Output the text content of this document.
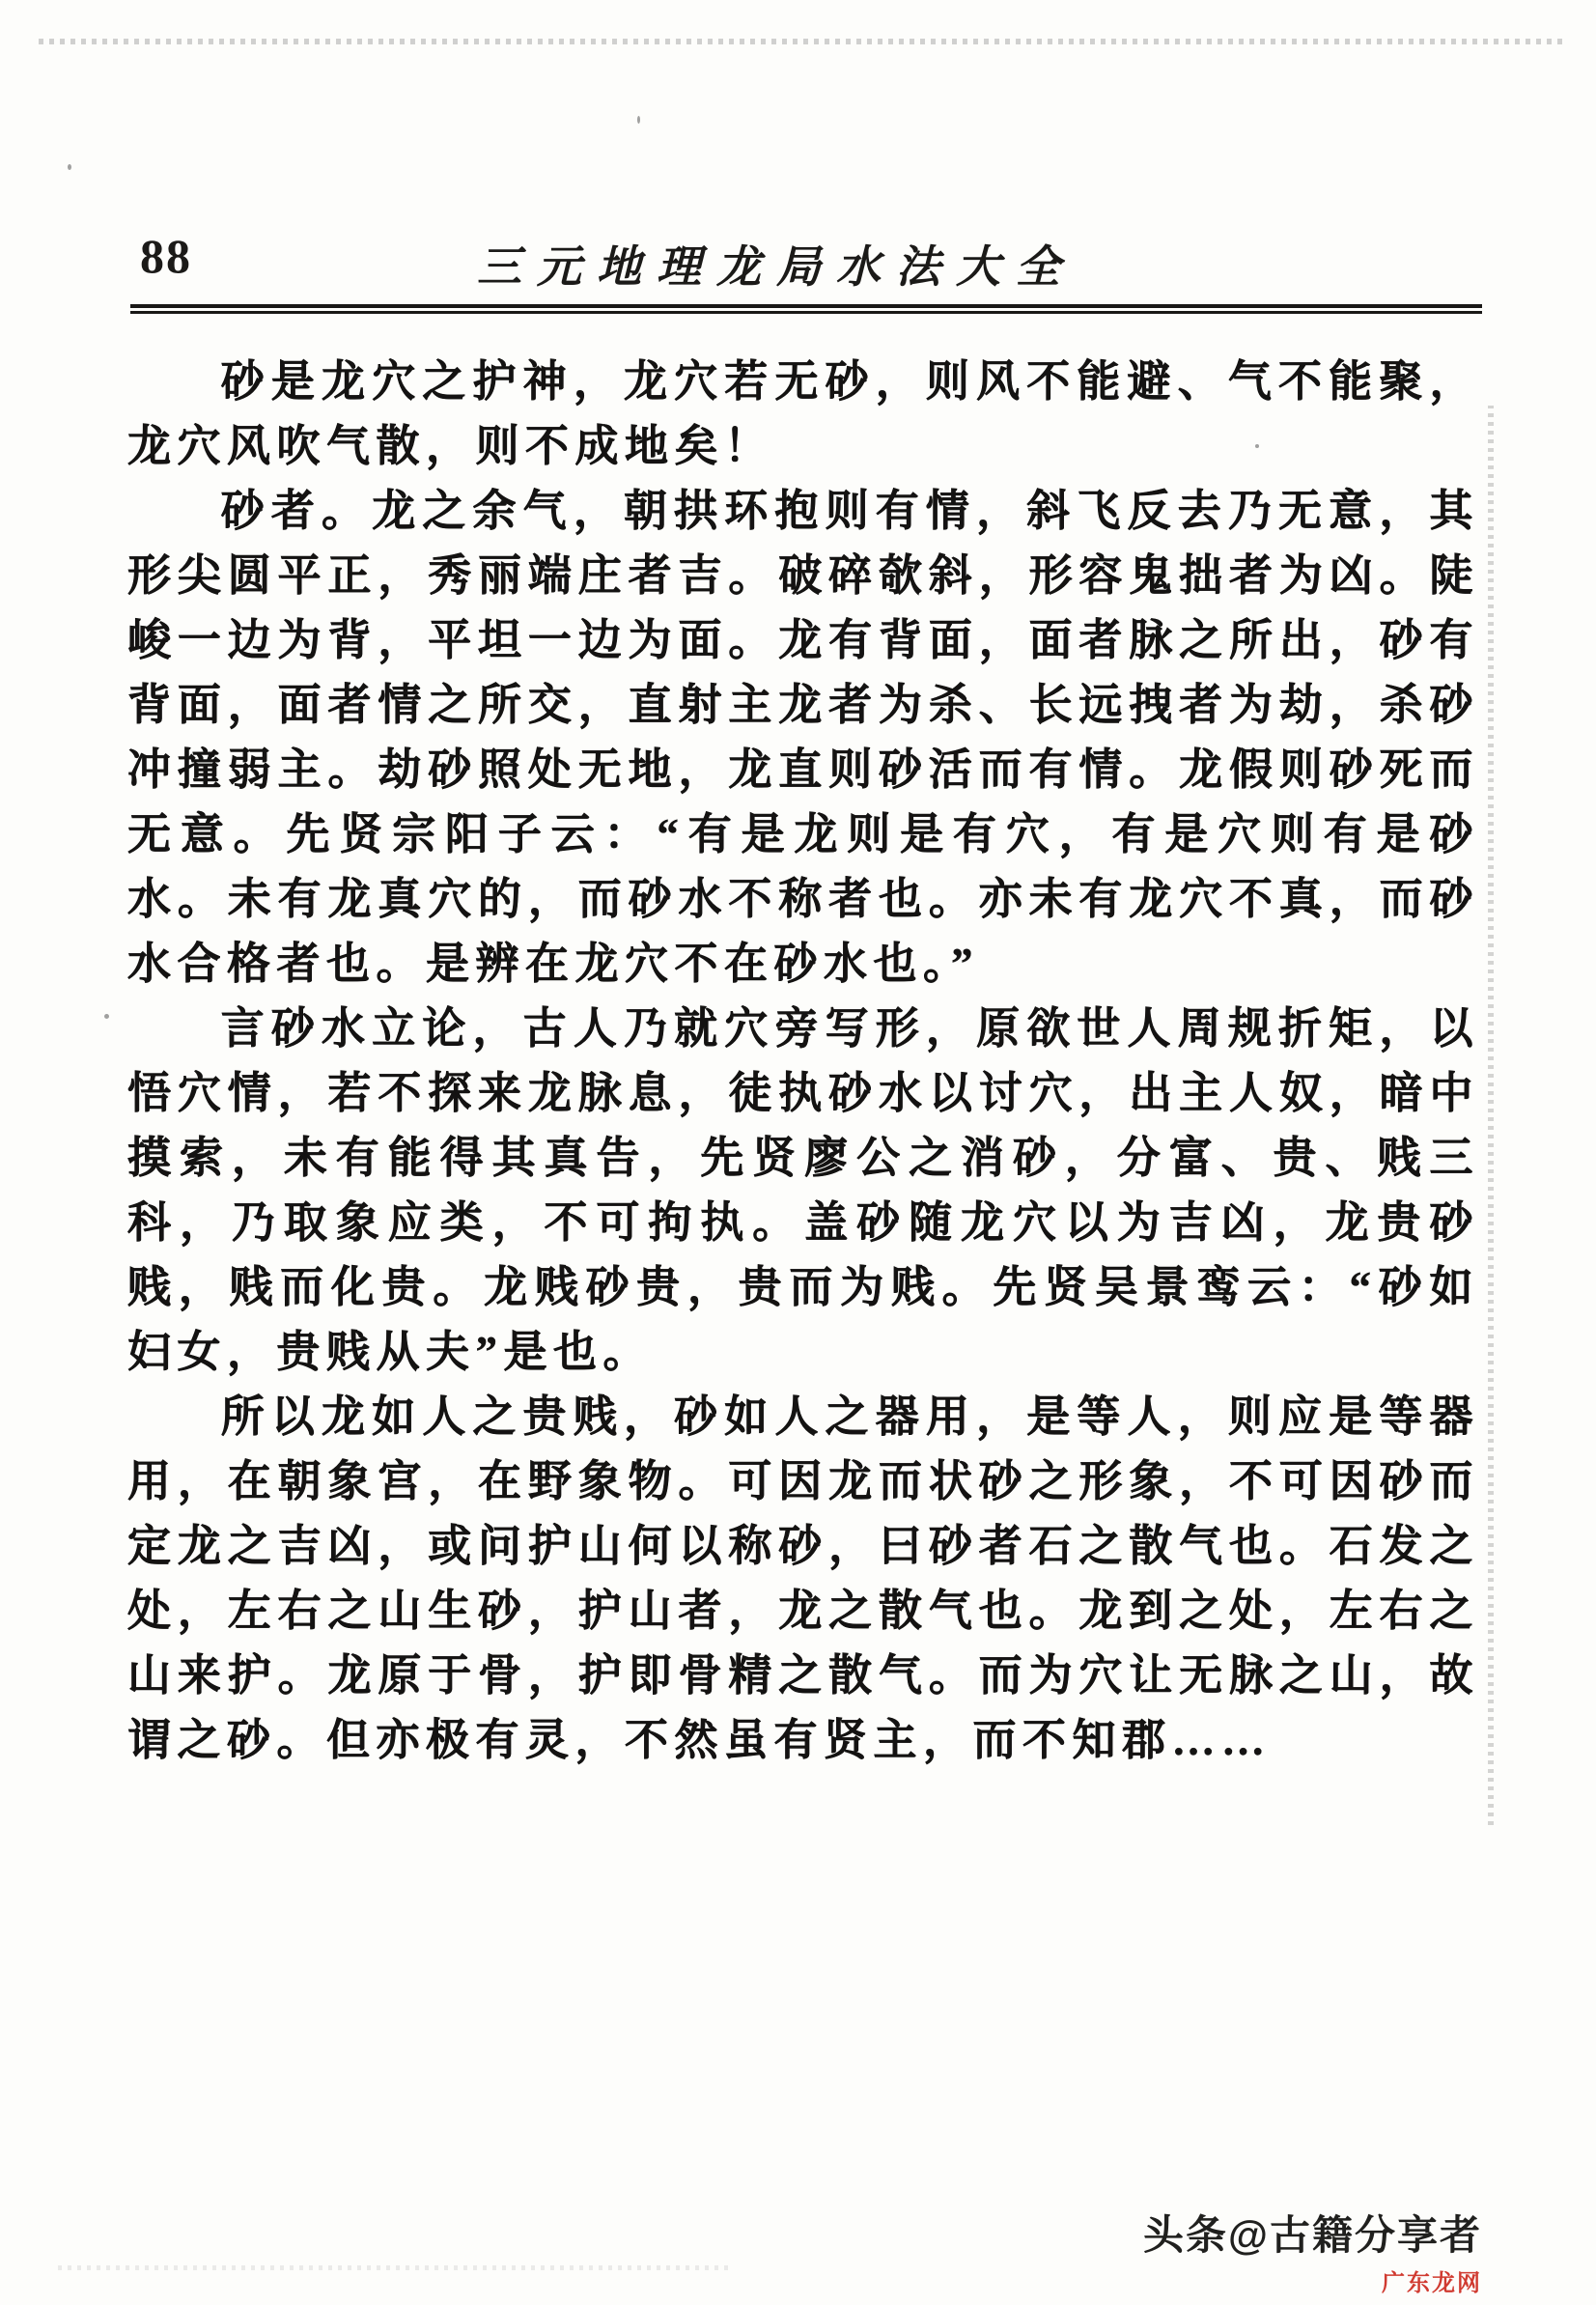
88	三元地理龙局水法大全

砂是龙穴之护神，龙穴若无砂，则风不能避、气不能聚，龙穴风吹气散，则不成地矣！

砂者。龙之余气，朝拱环抱则有情，斜飞反去乃无意，其形尖圆平正，秀丽端庄者吉。破碎欹斜，形容鬼拙者为凶。陡峻一边为背，平坦一边为面。龙有背面，面者脉之所出，砂有背面，面者情之所交，直射主龙者为杀、长远拽者为劫，杀砂冲撞弱主。劫砂照处无地，龙直则砂活而有情。龙假则砂死而无意。先贤宗阳子云：“有是龙则是有穴，有是穴则有是砂水。未有龙真穴的，而砂水不称者也。亦未有龙穴不真，而砂水合格者也。是辨在龙穴不在砂水也。”

言砂水立论，古人乃就穴旁写形，原欲世人周规折矩，以悟穴情，若不探来龙脉息，徒执砂水以讨穴，出主人奴，暗中摸索，未有能得其真告，先贤廖公之消砂，分富、贵、贱三科，乃取象应类，不可拘执。盖砂随龙穴以为吉凶，龙贵砂贱，贱而化贵。龙贱砂贵，贵而为贱。先贤吴景鸾云：“砂如妇女，贵贱从夫”是也。

所以龙如人之贵贱，砂如人之器用，是等人，则应是等器用，在朝象宫，在野象物。可因龙而状砂之形象，不可因砂而定龙之吉凶，或问护山何以称砂，曰砂者石之散气也。石发之处，左右之山生砂，护山者，龙之散气也。龙到之处，左右之山来护。龙原于骨，护即骨精之散气。而为穴让无脉之山，故谓之砂。但亦极有灵，不然虽有贤主，而不知郡……

头条@古籍分享者
广东龙网
